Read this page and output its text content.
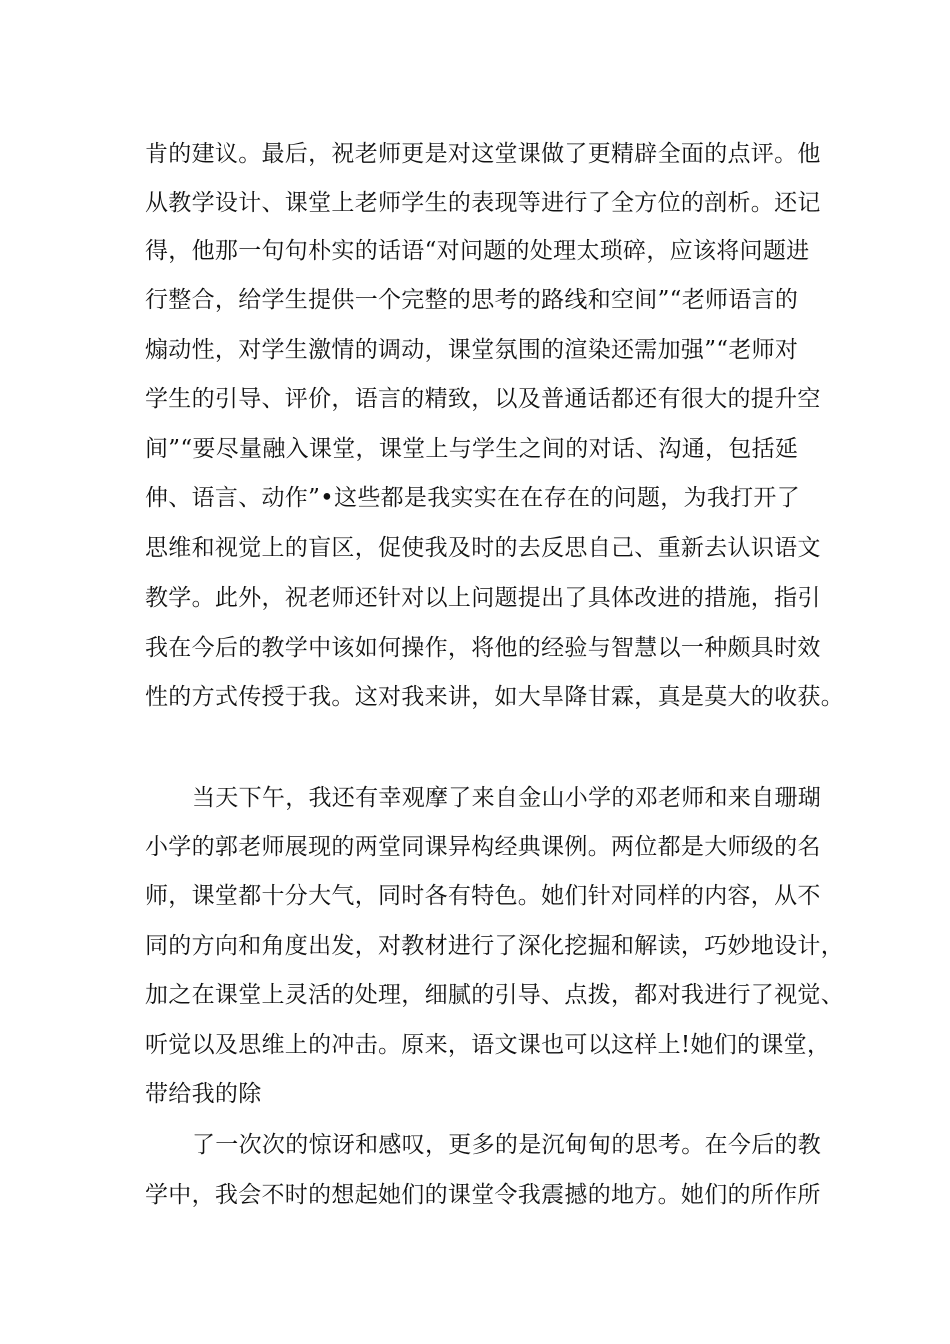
肯的建议。最后，祝老师更是对这堂课做了更精辟全面的点评。他
从教学设计、课堂上老师学生的表现等进行了全方位的剖析。还记
得，他那一句句朴实的话语“对问题的处理太琐碎，应该将问题进
行整合，给学生提供一个完整的思考的路线和空间”“老师语言的
煽动性，对学生激情的调动，课堂氛围的渲染还需加强”“老师对
学生的引导、评价，语言的精致，以及普通话都还有很大的提升空
间”“要尽量融入课堂，课堂上与学生之间的对话、沟通，包括延
伸、语言、动作”•这些都是我实实在在存在的问题，为我打开了
思维和视觉上的盲区，促使我及时的去反思自己、重新去认识语文
教学。此外，祝老师还针对以上问题提出了具体改进的措施，指引
我在今后的教学中该如何操作，将他的经验与智慧以一种颇具时效
性的方式传授于我。这对我来讲，如大旱降甘霖，真是莫大的收获。
当天下午，我还有幸观摩了来自金山小学的邓老师和来自珊瑚
小学的郭老师展现的两堂同课异构经典课例。两位都是大师级的名
师，课堂都十分大气，同时各有特色。她们针对同样的内容，从不
同的方向和角度出发，对教材进行了深化挖掘和解读，巧妙地设计，
加之在课堂上灵活的处理，细腻的引导、点拨，都对我进行了视觉、
听觉以及思维上的冲击。原来，语文课也可以这样上!她们的课堂，
带给我的除
了一次次的惊讶和感叹，更多的是沉甸甸的思考。在今后的教
学中，我会不时的想起她们的课堂令我震撼的地方。她们的所作所
